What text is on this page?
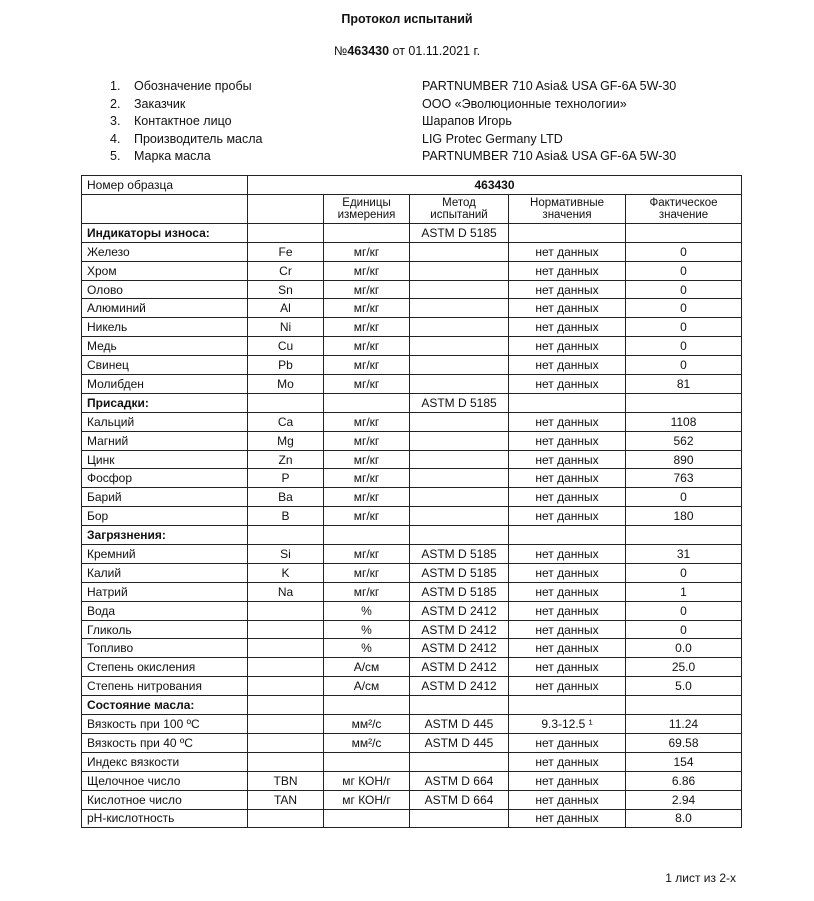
Протокол испытаний
№463430 от 01.11.2021 г.
1.	Обозначение пробы	PARTNUMBER 710 Asia& USA GF-6A 5W-30
2.	Заказчик	ООО «Эволюционные технологии»
3.	Контактное лицо	Шарапов Игорь
4.	Производитель масла	LIG Protec Germany LTD
5.	Марка масла	PARTNUMBER 710 Asia& USA GF-6A 5W-30
Номер образца	463430				
		Единицы измерения	Метод испытаний	Нормативные значения	Фактическое значение
Индикаторы износа:			ASTM D 5185		
Железо	Fe	мг/кг		нет данных	0
Хром	Cr	мг/кг		нет данных	0
Олово	Sn	мг/кг		нет данных	0
Алюминий	Al	мг/кг		нет данных	0
Никель	Ni	мг/кг		нет данных	0
Медь	Cu	мг/кг		нет данных	0
Свинец	Pb	мг/кг		нет данных	0
Молибден	Mo	мг/кг		нет данных	81
Присадки:			ASTM D 5185		
Кальций	Ca	мг/кг		нет данных	1108
Магний	Mg	мг/кг		нет данных	562
Цинк	Zn	мг/кг		нет данных	890
Фосфор	P	мг/кг		нет данных	763
Барий	Ba	мг/кг		нет данных	0
Бор	B	мг/кг		нет данных	180
Загрязнения:					
Кремний	Si	мг/кг	ASTM D 5185	нет данных	31
Калий	K	мг/кг	ASTM D 5185	нет данных	0
Натрий	Na	мг/кг	ASTM D 5185	нет данных	1
Вода		%	ASTM D 2412	нет данных	0
Гликоль		%	ASTM D 2412	нет данных	0
Топливо		%	ASTM D 2412	нет данных	0.0
Степень окисления		А/см	ASTM D 2412	нет данных	25.0
Степень нитрования		А/см	ASTM D 2412	нет данных	5.0
Состояние масла:					
Вязкость при 100 ºС		мм²/с	ASTM D 445	9.3-12.5 ¹	11.24
Вязкость при 40 ºС		мм²/с	ASTM D 445	нет данных	69.58
Индекс вязкости				нет данных	154
Щелочное число	TBN	мг КОН/г	ASTM D 664	нет данных	6.86
Кислотное число	TAN	мг КОН/г	ASTM D 664	нет данных	2.94
pH-кислотность				нет данных	8.0
1 лист из 2-х
